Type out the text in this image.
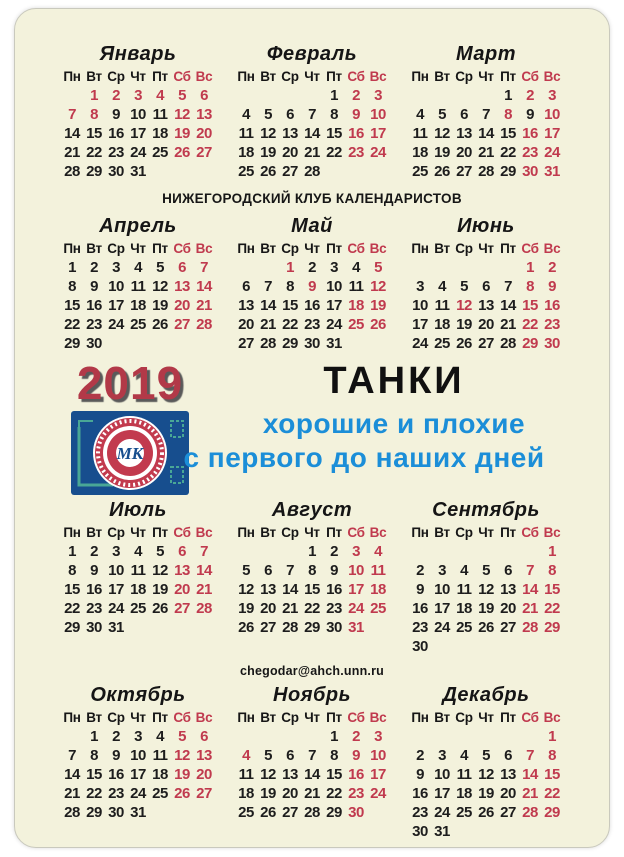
Январь
Пн Вт Ср Чт Пт Сб Вс
1 2 3 4 5 6
7 8 9 10 11 12 13
14 15 16 17 18 19 20
21 22 23 24 25 26 27
28 29 30 31
Февраль
Пн Вт Ср Чт Пт Сб Вс
1 2 3
4 5 6 7 8 9 10
11 12 13 14 15 16 17
18 19 20 21 22 23 24
25 26 27 28
Март
Пн Вт Ср Чт Пт Сб Вс
1 2 3
4 5 6 7 8 9 10
11 12 13 14 15 16 17
18 19 20 21 22 23 24
25 26 27 28 29 30 31
НИЖЕГОРОДСКИЙ КЛУБ КАЛЕНДАРИСТОВ
Апрель
Пн Вт Ср Чт Пт Сб Вс
1 2 3 4 5 6 7
8 9 10 11 12 13 14
15 16 17 18 19 20 21
22 23 24 25 26 27 28
29 30
Май
Пн Вт Ср Чт Пт Сб Вс
1 2 3 4 5
6 7 8 9 10 11 12
13 14 15 16 17 18 19
20 21 22 23 24 25 26
27 28 29 30 31
Июнь
Пн Вт Ср Чт Пт Сб Вс
1 2
3 4 5 6 7 8 9
10 11 12 13 14 15 16
17 18 19 20 21 22 23
24 25 26 27 28 29 30
2019
МК
ТАНКИ
хорошие и плохие
с первого до наших дней
Июль
Пн Вт Ср Чт Пт Сб Вс
1 2 3 4 5 6 7
8 9 10 11 12 13 14
15 16 17 18 19 20 21
22 23 24 25 26 27 28
29 30 31
Август
Пн Вт Ср Чт Пт Сб Вс
1 2 3 4
5 6 7 8 9 10 11
12 13 14 15 16 17 18
19 20 21 22 23 24 25
26 27 28 29 30 31
Сентябрь
Пн Вт Ср Чт Пт Сб Вс
1
2 3 4 5 6 7 8
9 10 11 12 13 14 15
16 17 18 19 20 21 22
23 24 25 26 27 28 29
30
chegodar@ahch.unn.ru
Октябрь
Пн Вт Ср Чт Пт Сб Вс
1 2 3 4 5 6
7 8 9 10 11 12 13
14 15 16 17 18 19 20
21 22 23 24 25 26 27
28 29 30 31
Ноябрь
Пн Вт Ср Чт Пт Сб Вс
1 2 3
4 5 6 7 8 9 10
11 12 13 14 15 16 17
18 19 20 21 22 23 24
25 26 27 28 29 30
Декабрь
Пн Вт Ср Чт Пт Сб Вс
1
2 3 4 5 6 7 8
9 10 11 12 13 14 15
16 17 18 19 20 21 22
23 24 25 26 27 28 29
30 31
